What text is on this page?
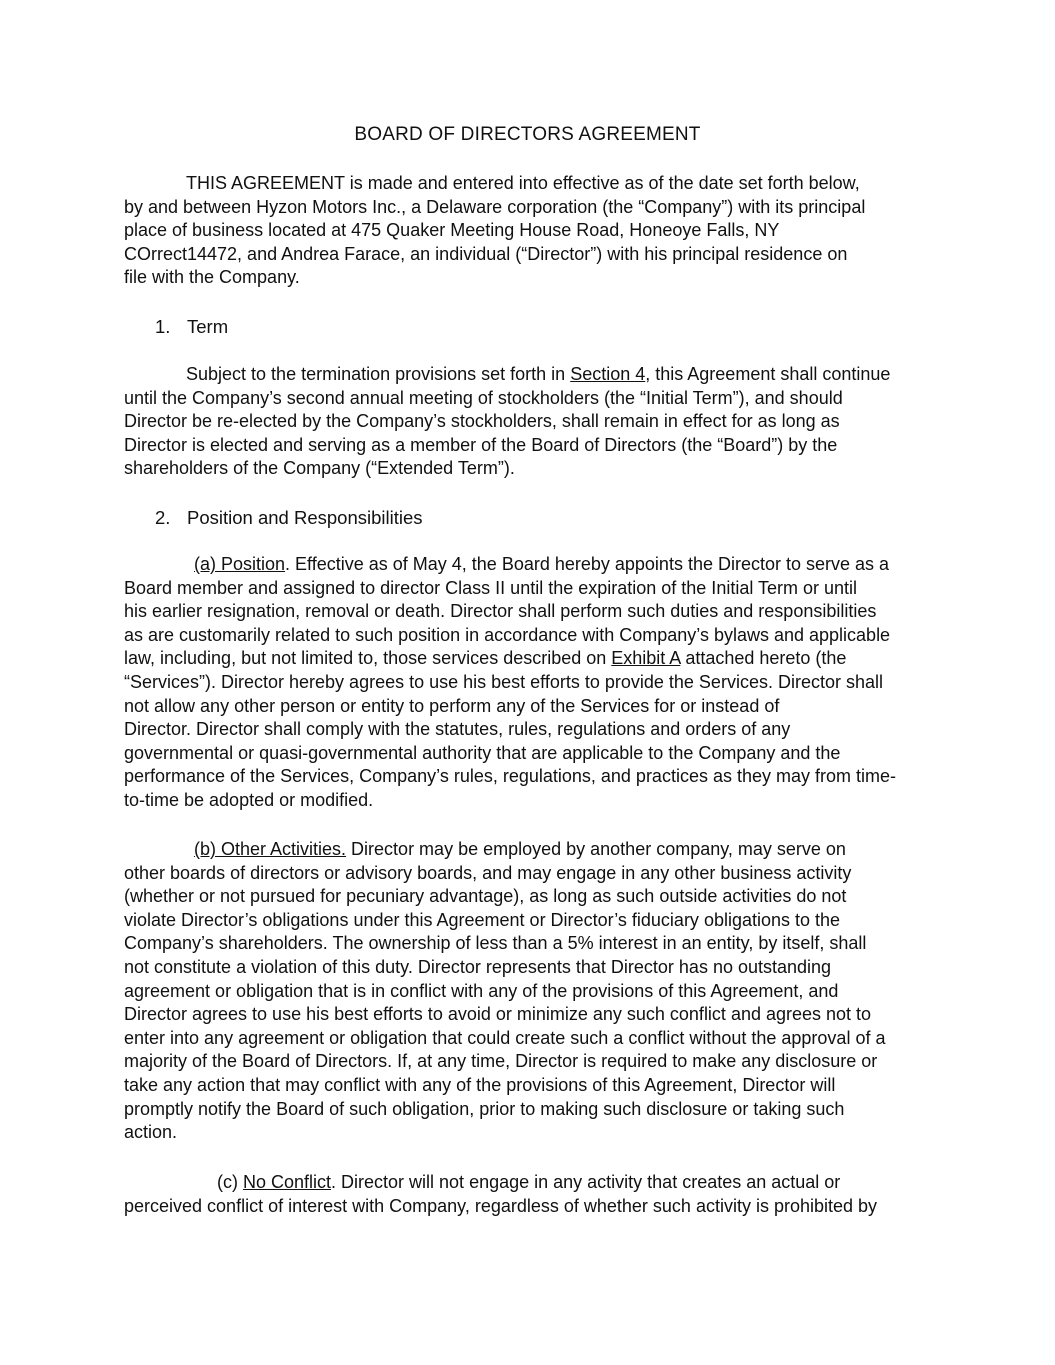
BOARD OF DIRECTORS AGREEMENT
THIS AGREEMENT is made and entered into effective as of the date set forth below,
by and between Hyzon Motors Inc., a Delaware corporation (the “Company”) with its principal
place of business located at 475 Quaker Meeting House Road, Honeoye Falls, NY
COrrect14472, and Andrea Farace, an individual (“Director”) with his principal residence on
file with the Company.
1. Term
Subject to the termination provisions set forth in Section 4, this Agreement shall continue
until the Company’s second annual meeting of stockholders (the “Initial Term”), and should
Director be re-elected by the Company’s stockholders, shall remain in effect for as long as
Director is elected and serving as a member of the Board of Directors (the “Board”) by the
shareholders of the Company (“Extended Term”).
2. Position and Responsibilities
(a) Position. Effective as of May 4, the Board hereby appoints the Director to serve as a
Board member and assigned to director Class II until the expiration of the Initial Term or until
his earlier resignation, removal or death. Director shall perform such duties and responsibilities
as are customarily related to such position in accordance with Company’s bylaws and applicable
law, including, but not limited to, those services described on Exhibit A attached hereto (the
“Services”). Director hereby agrees to use his best efforts to provide the Services. Director shall
not allow any other person or entity to perform any of the Services for or instead of
Director. Director shall comply with the statutes, rules, regulations and orders of any
governmental or quasi-governmental authority that are applicable to the Company and the
performance of the Services, Company’s rules, regulations, and practices as they may from time-
to-time be adopted or modified.
(b) Other Activities. Director may be employed by another company, may serve on
other boards of directors or advisory boards, and may engage in any other business activity
(whether or not pursued for pecuniary advantage), as long as such outside activities do not
violate Director’s obligations under this Agreement or Director’s fiduciary obligations to the
Company’s shareholders. The ownership of less than a 5% interest in an entity, by itself, shall
not constitute a violation of this duty. Director represents that Director has no outstanding
agreement or obligation that is in conflict with any of the provisions of this Agreement, and
Director agrees to use his best efforts to avoid or minimize any such conflict and agrees not to
enter into any agreement or obligation that could create such a conflict without the approval of a
majority of the Board of Directors. If, at any time, Director is required to make any disclosure or
take any action that may conflict with any of the provisions of this Agreement, Director will
promptly notify the Board of such obligation, prior to making such disclosure or taking such
action.
(c) No Conflict. Director will not engage in any activity that creates an actual or
perceived conflict of interest with Company, regardless of whether such activity is prohibited by
